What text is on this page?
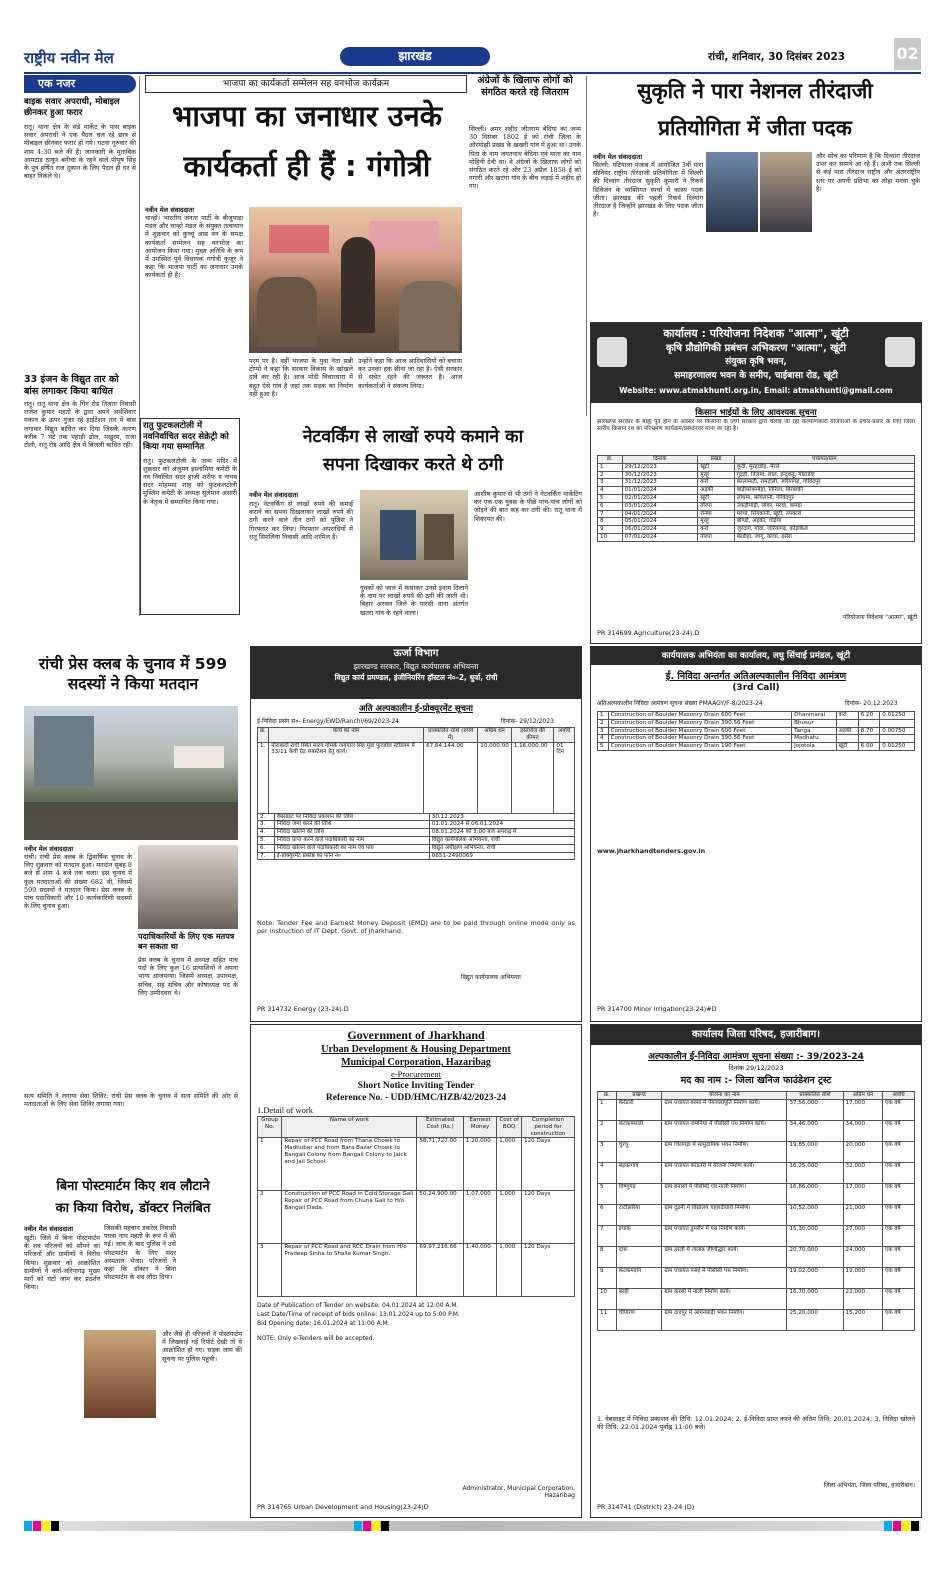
राष्ट्रीय नवीन मेल	झारखंड	रांची, शनिवार, 30 दिसंबर 2023	02
एक नजर
बाइक सवार अपराधी, मोबाइल छीनकर हुआ फरार
रातू। थाना क्षेत्र के संडे मार्केट के पास बाइक सवार अपराधी ने एक पैदल चल रहे छात्र से मोबाइल छीनकर फरार हो गये। घटना गुरुवार की शाम 4:30 बजे की है। जानकारी के मुताबिक आमटांड़ ठाकुर बगीचा के रहने वाले पीयूष सिंह के पुत्र हर्षित राज दुकान के लिए पैदल ही घर से बाहर निकले थे।
33 इंजन के विद्युत तार को बांस लगाकर किया बाधित
रातू। रातू थाना क्षेत्र के गिंग रोड तिलता निवासी राजेश कुमार महतो के द्वारा अपने अर्थशिवार मकान के ऊपर गुजर रहे हाईटेंशन तार में बांस लगाकर विद्युत बाधित कर दिया जिसके कारण करीब 7 घंटे तक पहाड़ी ढोल, मखुरम, राजा टोली, रातू रोड आदि क्षेत्र में बिजली बाधित रही।
भाजपा का कार्यकर्ता सम्मेलन सह वनभोज कार्यक्रम
भाजपा का जनाधार उनके
कार्यकर्ता ही हैं : गंगोत्री
नवीन मेल संवाददाता
चान्हो। भारतीय जनता पार्टी के बीजुपाड़ा मंडल और चान्हो मंडल के संयुक्त तत्वाधान में शुक्रवार को कुच्चू आम्र वन के समक्ष कार्यकर्ता सम्मेलन सह वनभोज का आयोजन किया गया। मुख्य अतिथि के रूप में उपस्थित पूर्व विधायक गंगोत्री कुजूर ने कहा कि भाजपा पार्टी का जनाधार उनके कार्यकर्ता ही हैं।
परम पर है। वहीं भाजपा के युवा नेता सन्नी टोप्पो ने कहा कि सरकार विकास के खोखले दावे कर रही है। आज मोदी विचारधारा में बहुत ऐसे गांव है जहां तक सड़क का निर्माण नहीं हुआ है।
उन्होंने कहा कि आज आदिवासियों को बचाया कर उनका हक छीना जा रहा है। ऐसी सरकार से सचेत रहने की जरूरत है। आज कार्यकर्ताओं ने संकल्प लिया।
अंग्रेजों के खिलाफ लोगों को संगठित करते रहे जितराम
सिल्ली। अमर शहीद जीतराम बेदिया का जन्म 30 दिसंबर 1802 ई को रांची जिला के ओरमांझी प्रखंड के खखरी गांव में हुआ था। उनके पिता के नाम जगतनाथ बेदिया एवं माता का नाम मोहिनी देवी था। वे अंग्रेजों के खिलाफ लोगों को संगठित करते रहे और 23 अप्रैल 1858 ई को गगारी और खटंगा गांव के बीच लड़ाई में शहीद हो गए।
सुकृति ने पारा नेशनल तीरंदाजी
प्रतियोगिता में जीता पदक
नवीन मेल संवाददाता
सिल्ली: पटियाला पंजाब में आयोजित 3वीं पारा सीनियर राष्ट्रीय तीरंदाजी प्रतियोगिता में सिल्ली की दिव्यांग तीरंदाज सुकृति कुमारी ने रिकर्व डिविजन के व्यक्तिगत स्पर्धा में कांस्य पदक जीता। झारखंड की पहली रिकर्व दिव्यांग तीरंदाज है जिन्होंने झारखंड के लिए पदक जीता है।
और सोच का परिणाम है कि दिव्यांग तीरंदाज उभर कर सामने आ रहे हैं। अभी तक सिल्ली से कई पारा तीरंदाज राष्ट्रीय और अंतरराष्ट्रीय स्तर पर अपनी प्रतिभा का लोहा मनवा चुके हैं।
कार्यालय : परियोजना निदेशक "आत्मा", खूंटी
कृषि प्रौद्योगिकी प्रबंधन अभिकरण "आत्मा", खूंटी
संयुक्त कृषि भवन,
समाहरणालय भवन के समीप, चाईबासा रोड, खूंटी
Website: www.atmakhunti.org.in, Email: atmakhunti@gmail.com
किसान भाईयों के लिए आवश्यक सूचना
झारखण्ड सरकार के बाह्य पूर्व होने के अवसर पर किसानों के लिये सरकार द्वारा चलाई जा रही कल्याणकारी योजनाओं के प्रचार-प्रसार के लिए जिला स्तरीय किसान रथ का परिभ्रमण कार्यक्रम/प्रस्थानवर माना जा रहा है।
क्र.	दिनांक	प्रखंड	पंचायत/ग्राम
1	29/12/2023	खूंटी	कूदी, मुरहाडीह, मेरले
2	30/12/2023	मुरहू	गुड़ही, तिलमा, लाल, इन्दुकट्टू, गोडाडीह
3	31/12/2023	कर्रा	कालामाटी, रामटोली, जरियागढ़, गोविंदपुर
4	01/01/2024	अड़की	बाड़ीकोकाबेड़ा, तिरिला, बिरबांकी
5	02/01/2024	खूंटी	लोधमा, कोयलानी, गोविंदपुर
6	03/01/2024	तोरपा	उकड़ीमाड़ी, लोवर, मरचा, कमड़ा
7	04/01/2024	रनिया	मरचा, सिंगकानी, खूंटी, तपकारा
8	05/01/2024	मुरहू	बोण्डो, अड़की, चोड़ेया
9	06/01/2024	कर्रा	जुरदाग, गोवा, जरियागढ़, कोड़ाकेल
10	07/01/2024	तोरपा	बेरडीहा, जागू, कोचा, हसेरा
परियोजना निदेशक "आत्मा", खूंटी
PR 314699 Agriculture(23-24).D
रातु फुटकलटोली में नवनिर्वाचित सदर सेक्रेट्री को किया गया सम्मानित
रातु। फुटकलटोली के जन्म मंदिर में शुक्रवार को अंजुमन इस्लामिया कमेटी के नव निर्वाचित सदर हाजी शरीफ व नायब सदर मोहम्मद शाह को फुटकलटोली मुस्लिम कमेटी के अध्यक्ष सुलेमान अंसारी के नेतृत्व में सम्मानित किया गया।
नेटवर्किंग से लाखों रुपये कमाने का
सपना दिखाकर करते थे ठगी
नवीन मेल संवाददाता
रातू। नेटवर्किंग से लाखों रुपये की कमाई कराने का सपना दिखलाकर लाखों रुपये की ठगी करने वाले तीन ठगों को पुलिस ने गिरफ्तार कर लिया। गिरफ्तार अपराधियों में रातू सिमलिया निवासी आदि शामिल हैं।
युवकों को जाल में फंसाकर उनसे इनाम दिलाने के नाम पर लाखों रुपये की ठगी की जाती थी। बिहार अरवल जिले के पारसी थाना अंतर्गत खतरा गांव के रहने वाला।
आशीष कुमार से भी ठगों ने नेटवर्किंग मार्केटिंग कर एक-एक युवक के पीछे पांच-पांच लोगों को जोड़ने की बात कह कर ठगी की। रातू थाना में शिकायत की।
रांची प्रेस क्लब के चुनाव में 599 सदस्यों ने किया मतदान
नवीन मेल संवाददाता
रांची। रांची प्रेस क्लब के द्विवार्षिक चुनाव के लिए शुक्रवार को मतदान हुआ। मतदान सुबह 8 बजे से शाम 4 बजे तक चला। इस चुनाव में कुल मतदाताओं की संख्या 682 थी, जिसमें 599 सदस्यों ने मतदान किया। प्रेस क्लब के पांच पदाधिकारी और 10 कार्यकारिणी सदस्यों के लिए चुनाव हुआ।
पदाधिकारियों के लिए एक मतपत्र बन सकता था
प्रेस क्लब के चुनाव में अध्यक्ष सहित पांच पदों के लिए कुल 16 प्रत्याशियों ने अपना भाग्य आजमाया। जिसमें अध्यक्ष, उपाध्यक्ष, सचिव, सह सचिव और कोषाध्यक्ष पद के लिए उम्मीदवार थे।
सत्य समिति ने लगाया सेवा शिविर: रांची प्रेस क्लब के चुनाव में सत्य समिति की ओर से मतदाताओं के लिए सेवा शिविर लगाया गया।
ऊर्जा विभाग
झारखण्ड सरकार, विद्युत कार्यपालक अभियन्ता
विद्युत कार्य प्रमण्डल, इंजीनियरिंग हॉस्टल नं०-2, धुर्वा, रांची
अति अल्पकालीन ई-प्रोक्यूरमेंट सूचना
ई-निविदा प्रसंग सं०- Energy/EWD/Ranchi/69/2023-24	दिनांक- 29/12/2023
क्र.	कार्य का नाम	प्राक्कलित राशि (रुपये में)	अग्रिम धन	हस्तावेज की कीमत	अवधि
1.	मोराबादी रांची स्थित मारंग गोमके जयपाल सिंह मुंडा फुटबॉल स्टेडियम में 33/11 केवी ग्रेड सबस्टेशन हेतु कार्य।	67,64,144.00	10,000.00	1,16,000.00	01 दिन
2.	वेबसाइट पर निविदा प्रकाशन की तिथि	30.12.2023
3.	निविदा जमा करने की तिथि	01.01.2024 से 06.01.2024
4.	निविदा खोलने की तिथि	08.01.2024 को 3:00 बजे अपराह्न में
5.	निविदा प्राप्त करने वाले पदाधिकारी का नाम	विद्युत कार्यपालक अभियन्ता, रांची
6.	निविदा खोलने वाले पदाधिकारी का नाम एवं पता	विद्युत अधीक्षण अभियन्ता, रांची
7.	ई-प्रोक्यूरमेंट प्रकोष्ठ का फोन नं०	0651-2490069
Note: Tender Fee and Earnest Money Deposit (EMD) are to be paid through online mode only as per instruction of IT Dept. Govt. of Jharkhand.
विद्युत कार्यपालक अभियन्ता
PR 314732 Energy (23-24).D
कार्यपालक अभियंता का कार्यालय, लघु सिंचाई प्रमंडल, खूंटी
ई. निविदा अन्तर्गत अतिअल्पकालीन निविदा आमंत्रण
(3rd Call)
अतिअल्पकालीन निविदा आमंत्रण सूचना संख्या PMAAGY/F-8/2023-24	दिनांक- 20.12.2023
1	Construction of Boulder Masonry Drain 600 Feet	Dhanmarai	कर्रा	6.20	0.01250
2	Construction of Boulder Masonry Drain 390.56 Feet	Bhusur			
3	Construction of Boulder Masonry Drain 600 Feet	Tanga	अड़की	8.70	0.00750
4	Construction of Boulder Masonry Drain 390.56 Feet	Madhatu			
5	Construction of Boulder Masonry Drain 190 Feet	Jojotola	खूंटी	6.00	0.01250
www.jharkhandtenders.gov.in
PR 314700 Minor Irrigation(23-24)#D
बिना पोस्टमार्टम किए शव लौटाने
का किया विरोध, डॉक्टर निलंबित
नवीन मेल संवाददाता
खूंटी। जिले में बिना पोस्टमार्टम के शव परिजनों को सौंपने का परिजनों और ग्रामीणों ने विरोध किया। शुक्रवार को आक्रोशित ग्रामीणों ने कर्रा-जरियागढ़ मुख्य मार्ग को घंटों जाम कर प्रदर्शन किया।
जिसकी पहचान डकरेल निवासी पारस नाथ महतो के रूप में की गई। जांच के बाद पुलिस ने उसे पोस्टमार्टम के लिए सदर अस्पताल भेजा। परिजनों ने कहा कि डॉक्टर ने बिना पोस्टमार्टम के शव लौटा दिया।
और जैसे ही परिजनों ने पोस्टमार्टम में लिखवाई गई रिपोर्ट देखी तो वे आक्रोशित हो गए। सड़क जाम की सूचना पर पुलिस पहुंची।
Government of Jharkhand
Urban Development & Housing Department
Municipal Corporation, Hazaribag
e-Procurement
Short Notice Inviting Tender
Reference No. - UDD/HMC/HZB/42/2023-24
1.Detail of work
Group No.	Name of work	Estimated Cost (Rs.)	Earnest Money	Cost of BOQ	Completion period for construction
1	Repair of PCC Road from Thana Chowk to Madhubar and from Bara Bazar Chowk to Bangali Colony from Bangali Colony to Jaick and Jail School.	58,71,727.00	1,20,000	1,000	120 Days
2	Construction of PCC Road in Cold Storage Gali Repair of PCC Road from Chuna Gali to H/o Bangali Dada.	50,24,900.00	1,07,000	1,000	120 Days
3	Repair of PCC Road and RCC Drain from H/o Pradeep Sinha to Shaila Kumar Singh.	69,97,216.66	1,40,000	1,000	120 Days
Date of Publication of Tender on website: 04.01.2024 at 12:00 A.M.
Last Date/Time of receipt of bids online: 13.01.2024 up to 5:00 P.M.
Bid Opening date: 16.01.2024 at 11:00 A.M.
NOTE: Only e-Tenders will be accepted.
Administrator, Municipal Corporation, Hazaribag
PR 314765 Urban Development and Housing(23-24)D
कार्यालय जिला परिषद, हजारीबाग।
अल्पकालीन ई-निविदा आमंत्रण सूचना संख्या :- 39/2023-24
दिनांक 29/12/2023
मद का नाम :- जिला खनिज फाउंडेशन ट्रस्ट
क्र.	प्रखण्ड	योजना का नाम	प्राक्कलित राशि	अग्रिम धन	अवधि
1	केरेडारी	ग्राम पंचायत बरसा में पेयजलापूर्ति निर्माण कार्य।	37,56,000	17,000	एक वर्ष
2	कटकमसांडी	ग्राम पंचायत जमनिया में पीसीसी पथ निर्माण कार्य।	34,46,000	34,000	एक वर्ष
3	चुरचू	ग्राम चिलगड़ा में सामुदायिक भवन निर्माण।	19,85,000	20,000	एक वर्ष
4	बड़कागांव	ग्राम पंचायत कांडतरी में योजना निर्माण कार्य।	16,25,000	32,000	एक वर्ष
5	विष्णुगढ़	ग्राम बनासो में पीसीसी एवं नाली निर्माण।	16,86,000	17,000	एक वर्ष
6	टाटीझरिया	ग्राम दुडमी में विद्यालय चहारदीवारी निर्माण।	10,52,000	21,000	एक वर्ष
7	इचाक	ग्राम पंचायत डुमरौन में पथ निर्माण कार्य।	15,30,000	27,000	एक वर्ष
8	दारू	ग्राम हरली में तालाब जीर्णोद्धार कार्य।	20,70,000	24,000	एक वर्ष
9	कटकमदाग	ग्राम पंचायत पसई में पीसीसी पथ निर्माण।	19,02,000	19,000	एक वर्ष
10	बरही	ग्राम करसो में नाली निर्माण कार्य।	16,70,000	22,000	एक वर्ष
11	चौपारण	ग्राम दादपुर में आंगनबाड़ी भवन निर्माण।	25,20,000	15,200	एक वर्ष
1. वेबसाइट में निविदा प्रकाशन की तिथि: 12.01.2024; 2. ई-निविदा प्राप्त करने की अंतिम तिथि: 20.01.2024; 3. निविदा खोलने की तिथि: 22.01.2024 पूर्वाह्न 11:00 बजे।
जिला अभियंता, जिला परिषद, हजारीबाग।
PR 314741 (District) 23-24 (D)
